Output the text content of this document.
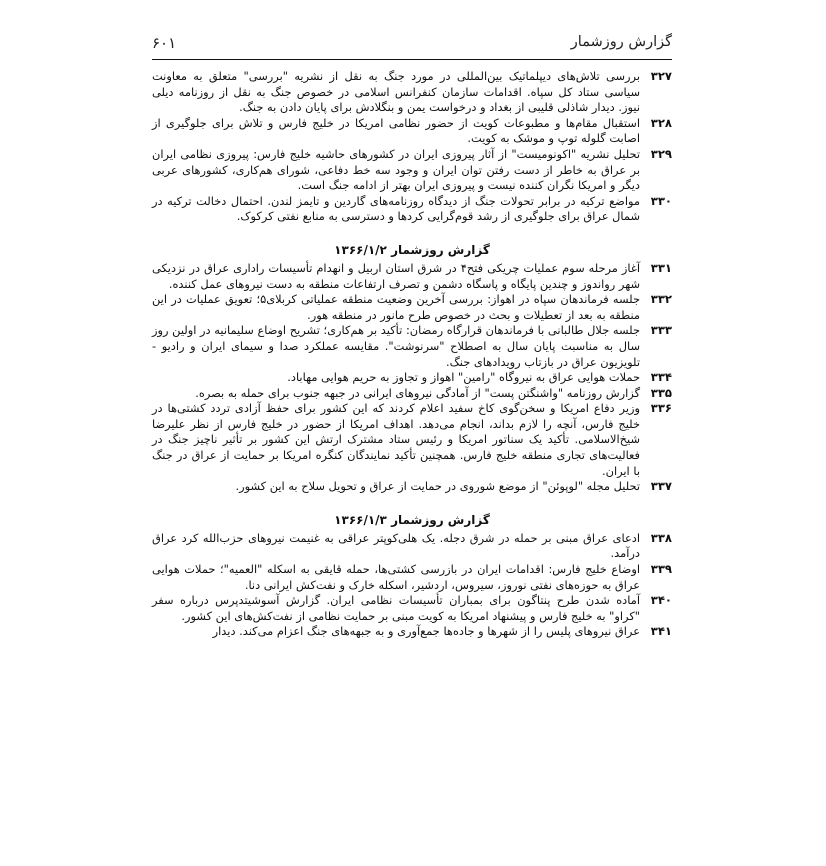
گزارش روزشمار
۶۰۱
۳۲۷
بررسی تلاش‌های دیپلماتیک بین‌المللی در مورد جنگ به نقل از نشریه "بررسی" متعلق به معاونت سیاسی ستاد کل سپاه. اقدامات سازمان کنفرانس اسلامی در خصوص جنگ به نقل از روزنامه دیلی نیوز. دیدار شاذلی قلیبی از بغداد و درخواست یمن و بنگلادش برای پایان دادن به جنگ.
۳۲۸
استقبال مقام‌ها و مطبوعات کویت از حضور نظامی امریکا در خلیج فارس و تلاش برای جلوگیری از اصابت گلوله توپ و موشک به کویت.
۳۲۹
تحلیل نشریه "اکونومیست" از آثار پیروزی ایران در کشورهای حاشیه خلیج فارس: پیروزی نظامی ایران بر عراق به خاطر از دست رفتن توان ایران و وجود سه خط دفاعی، شورای هم‌کاری، کشورهای عربی دیگر و امریکا نگران کننده نیست و پیروزی ایران بهتر از ادامه جنگ است.
۳۳۰
مواضع ترکیه در برابر تحولات جنگ از دیدگاه روزنامه‌های گاردین و تایمز لندن. احتمال دخالت ترکیه در شمال عراق برای جلوگیری از رشد قوم‌گرایی کردها و دسترسی به منابع نفتی کرکوک.
گزارش روزشمار ۱۳۶۶/۱/۲
۳۳۱
آغاز مرحله سوم عملیات چریکی فتح۴ در شرق استان اربیل و انهدام تأسیسات راداری عراق در نزدیکی شهر رواندوز و چندین پایگاه و پاسگاه دشمن و تصرف ارتفاعات منطقه به دست نیروهای عمل کننده.
۳۳۲
جلسه فرماندهان سپاه در اهواز: بررسی آخرین وضعیت منطقه عملیاتی کربلای۵؛ تعویق عملیات در این منطقه به بعد از تعطیلات و بحث در خصوص طرح مانور در منطقه هور.
۳۳۳
جلسه جلال طالبانی با فرماندهان قرارگاه رمضان: تأکید بر هم‌کاری؛ تشریح اوضاع سلیمانیه در اولین روز سال به مناسبت پایان سال به اصطلاح "سرنوشت". مقایسه عملکرد صدا و سیمای ایران و رادیو - تلویزیون عراق در بازتاب رویدادهای جنگ.
۳۳۴
حملات هوایی عراق به نیروگاه "رامین" اهواز و تجاوز به حریم هوایی مهاباد.
۳۳۵
گزارش روزنامه "واشنگتن پست" از آمادگی نیروهای ایرانی در جبهه جنوب برای حمله به بصره.
۳۳۶
وزیر دفاع امریکا و سخن‌گوی کاخ سفید اعلام کردند که این کشور برای حفظ آزادی تردد کشتی‌ها در خلیج فارس، آنچه را لازم بداند، انجام می‌دهد. اهداف امریکا از حضور در خلیج فارس از نظر علیرضا شیخ‌الاسلامی. تأکید یک سناتور امریکا و رئیس ستاد مشترک ارتش این کشور بر تأثیر ناچیز جنگ در فعالیت‌های تجاری منطقه خلیج فارس. همچنین تأکید نمایندگان کنگره امریکا بر حمایت از عراق در جنگ با ایران.
۳۳۷
تحلیل مجله "لوپوئن" از موضع شوروی در حمایت از عراق و تحویل سلاح به این کشور.
گزارش روزشمار ۱۳۶۶/۱/۳
۳۳۸
ادعای عراق مبنی بر حمله در شرق دجله. یک هلی‌کوپتر عراقی به غنیمت نیروهای حزب‌الله کرد عراق درآمد.
۳۳۹
اوضاع خلیج فارس: اقدامات ایران در بازرسی کشتی‌ها، حمله قایقی به اسکله "العمیه"؛ حملات هوایی عراق به حوزه‌های نفتی نوروز، سیروس، اردشیر، اسکله خارک و نفت‌کش ایرانی دنا.
۳۴۰
آماده شدن طرح پنتاگون برای بمباران تأسیسات نظامی ایران. گزارش آسوشیتدپرس درباره سفر "کراو" به خلیج فارس و پیشنهاد امریکا به کویت مبنی بر حمایت نظامی از نفت‌کش‌های این کشور.
۳۴۱
عراق نیروهای پلیس را از شهرها و جاده‌ها جمع‌آوری و به جبهه‌های جنگ اعزام می‌کند. دیدار
